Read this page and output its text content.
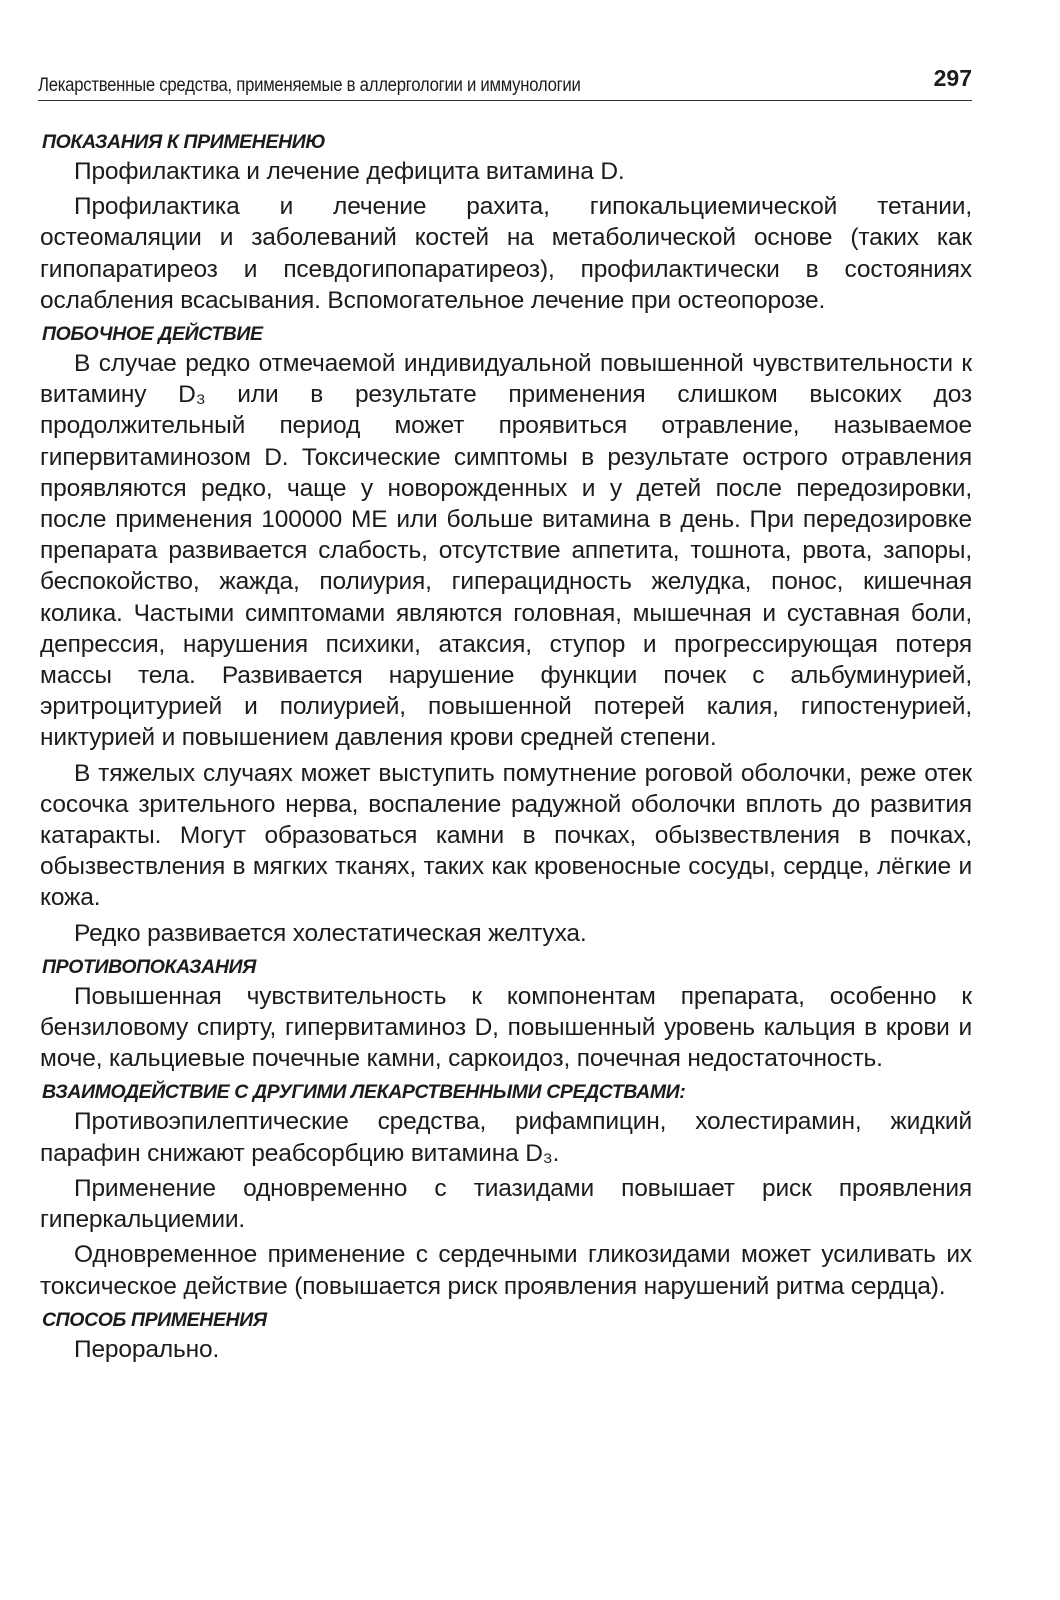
Лекарственные средства, применяемые в аллергологии и иммунологии	297
ПОКАЗАНИЯ К ПРИМЕНЕНИЮ

Профилактика и лечение дефицита витамина D.

Профилактика и лечение рахита, гипокальциемической тетании, остеомаляции и заболеваний костей на метаболической основе (таких как гипопаратиреоз и псевдогипопаратиреоз), профилактически в состояниях ослабления всасывания. Вспомогательное лечение при остеопорозе.

ПОБОЧНОЕ ДЕЙСТВИЕ

В случае редко отмечаемой индивидуальной повышенной чувствительности к витамину D₃ или в результате применения слишком высоких доз продолжительный период может проявиться отравление, называемое гипервитаминозом D. Токсические симптомы в результате острого отравления проявляются редко, чаще у новорожденных и у детей после передозировки, после применения 100000 МЕ или больше витамина в день. При передозировке препарата развивается слабость, отсутствие аппетита, тошнота, рвота, запоры, беспокойство, жажда, полиурия, гиперацидность желудка, понос, кишечная колика. Частыми симптомами являются головная, мышечная и суставная боли, депрессия, нарушения психики, атаксия, ступор и прогрессирующая потеря массы тела. Развивается нарушение функции почек с альбуминурией, эритроцитурией и полиурией, повышенной потерей калия, гипостенурией, никтурией и повышением давления крови средней степени.

В тяжелых случаях может выступить помутнение роговой оболочки, реже отек сосочка зрительного нерва, воспаление радужной оболочки вплоть до развития катаракты. Могут образоваться камни в почках, обызвествления в почках, обызвествления в мягких тканях, таких как кровеносные сосуды, сердце, лёгкие и кожа.

Редко развивается холестатическая желтуха.

ПРОТИВОПОКАЗАНИЯ

Повышенная чувствительность к компонентам препарата, особенно к бензиловому спирту, гипервитаминоз D, повышенный уровень кальция в крови и моче, кальциевые почечные камни, саркоидоз, почечная недостаточность.

ВЗАИМОДЕЙСТВИЕ С ДРУГИМИ ЛЕКАРСТВЕННЫМИ СРЕДСТВАМИ:

Противоэпилептические средства, рифампицин, холестирамин, жидкий парафин снижают реабсорбцию витамина D₃.

Применение одновременно с тиазидами повышает риск проявления гиперкальциемии.

Одновременное применение с сердечными гликозидами может усиливать их токсическое действие (повышается риск проявления нарушений ритма сердца).

СПОСОБ ПРИМЕНЕНИЯ

Перорально.
